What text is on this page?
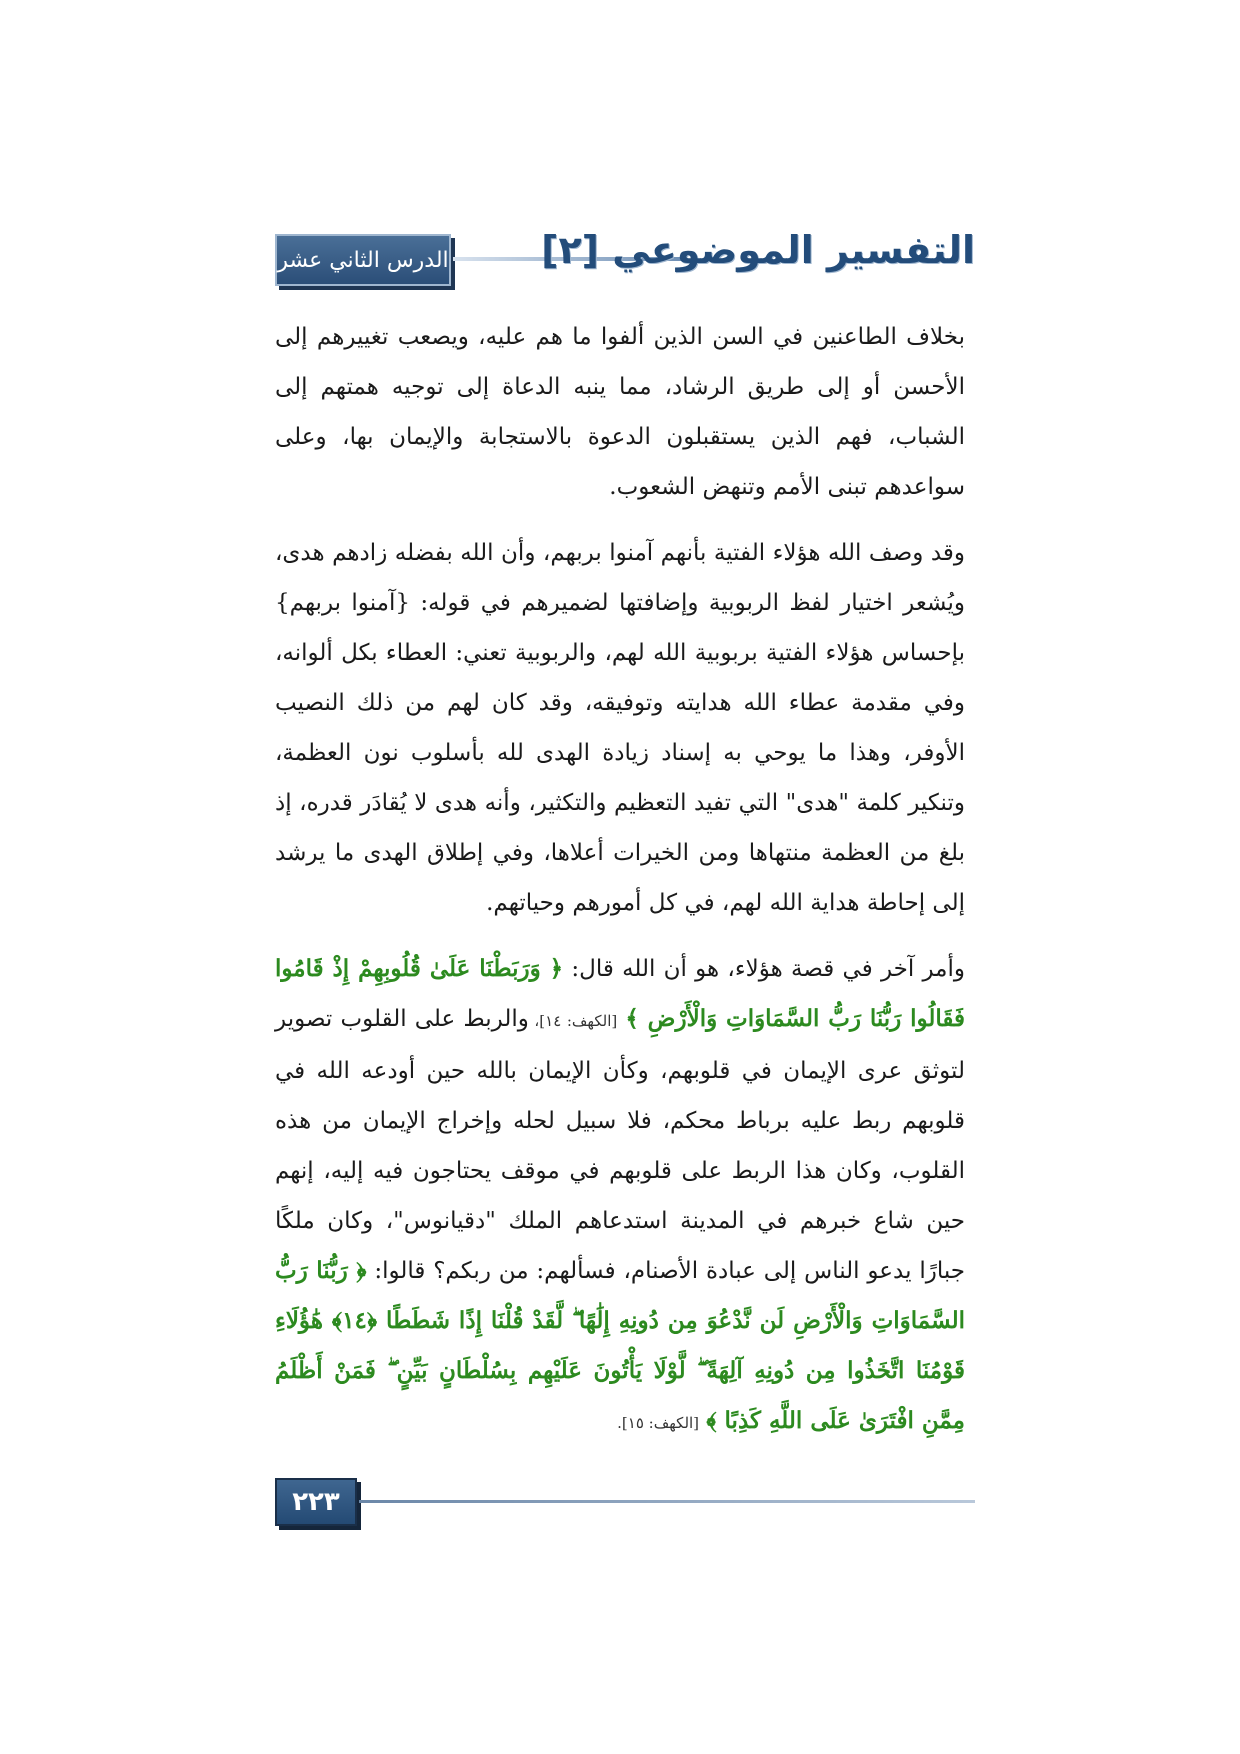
الدرس الثاني عشر التفسير الموضوعي [٢]

بخلاف الطاعنين في السن الذين ألفوا ما هم عليه، ويصعب تغييرهم إلى الأحسن أو إلى طريق الرشاد، مما ينبه الدعاة إلى توجيه همتهم إلى الشباب، فهم الذين يستقبلون الدعوة بالاستجابة والإيمان بها، وعلى سواعدهم تبنى الأمم وتنهض الشعوب.

وقد وصف الله هؤلاء الفتية بأنهم آمنوا بربهم، وأن الله بفضله زادهم هدى، ويُشعر اختيار لفظ الربوبية وإضافتها لضميرهم في قوله: {آمنوا بربهم} بإحساس هؤلاء الفتية بربوبية الله لهم، والربوبية تعني: العطاء بكل ألوانه، وفي مقدمة عطاء الله هدايته وتوفيقه، وقد كان لهم من ذلك النصيب الأوفر، وهذا ما يوحي به إسناد زيادة الهدى لله بأسلوب نون العظمة، وتنكير كلمة "هدى" التي تفيد التعظيم والتكثير، وأنه هدى لا يُقادَر قدره، إذ بلغ من العظمة منتهاها ومن الخيرات أعلاها، وفي إطلاق الهدى ما يرشد إلى إحاطة هداية الله لهم، في كل أمورهم وحياتهم.

وأمر آخر في قصة هؤلاء، هو أن الله قال: ﴿ وَرَبَطْنَا عَلَىٰ قُلُوبِهِمْ إِذْ قَامُوا فَقَالُوا رَبُّنَا رَبُّ السَّمَاوَاتِ وَالْأَرْضِ ﴾ [الكهف: ١٤]، والربط على القلوب تصوير لتوثق عرى الإيمان في قلوبهم، وكأن الإيمان بالله حين أودعه الله في قلوبهم ربط عليه برباط محكم، فلا سبيل لحله وإخراج الإيمان من هذه القلوب، وكان هذا الربط على قلوبهم في موقف يحتاجون فيه إليه، إنهم حين شاع خبرهم في المدينة استدعاهم الملك "دقيانوس"، وكان ملكًا جبارًا يدعو الناس إلى عبادة الأصنام، فسألهم: من ربكم؟ قالوا: ﴿ رَبُّنَا رَبُّ السَّمَاوَاتِ وَالْأَرْضِ لَن نَّدْعُوَ مِن دُونِهِ إِلَٰهًا ۖ لَّقَدْ قُلْنَا إِذًا شَطَطًا ﴿١٤﴾ هَٰؤُلَاءِ قَوْمُنَا اتَّخَذُوا مِن دُونِهِ آلِهَةً ۖ لَّوْلَا يَأْتُونَ عَلَيْهِم بِسُلْطَانٍ بَيِّنٍ ۖ فَمَنْ أَظْلَمُ مِمَّنِ افْتَرَىٰ عَلَى اللَّهِ كَذِبًا ﴾ [الكهف: ١٥].

٢٢٣
